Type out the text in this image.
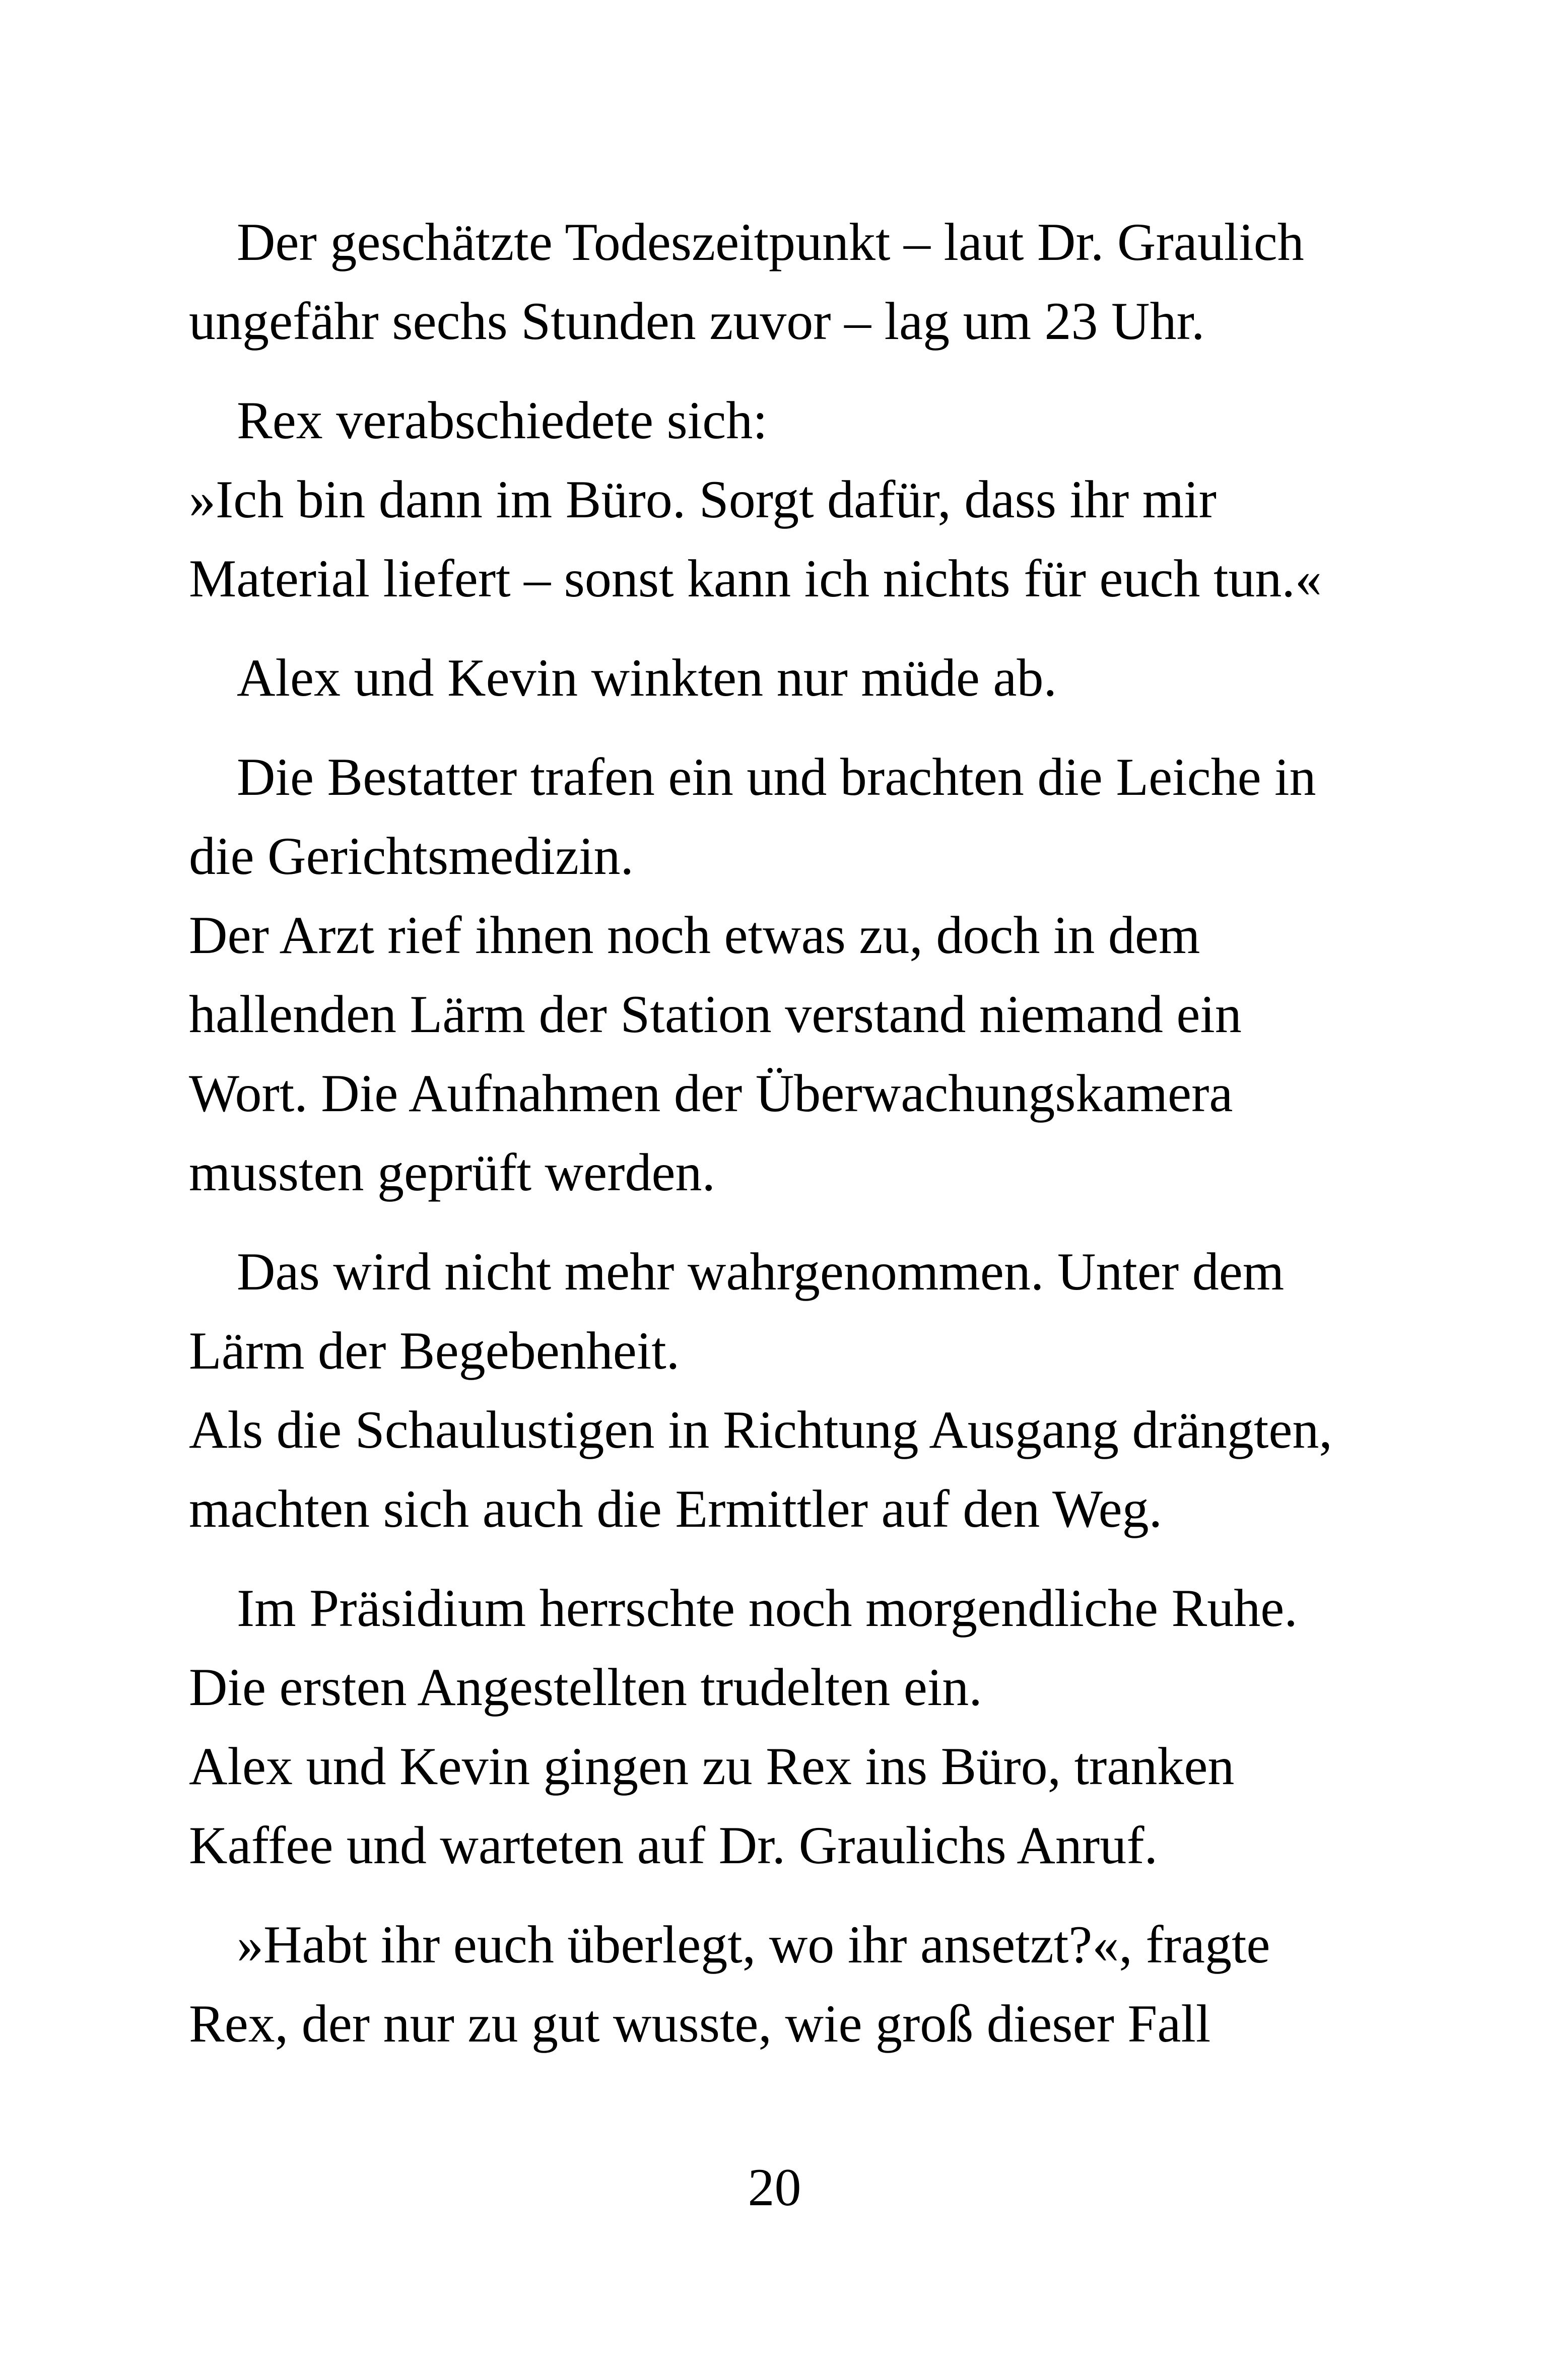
Der geschätzte Todeszeitpunkt – laut Dr. Graulich
ungefähr sechs Stunden zuvor – lag um 23 Uhr.
Rex verabschiedete sich:
»Ich bin dann im Büro. Sorgt dafür, dass ihr mir
Material liefert – sonst kann ich nichts für euch tun.«
Alex und Kevin winkten nur müde ab.
Die Bestatter trafen ein und brachten die Leiche in
die Gerichtsmedizin.
Der Arzt rief ihnen noch etwas zu, doch in dem
hallenden Lärm der Station verstand niemand ein
Wort. Die Aufnahmen der Überwachungskamera
mussten geprüft werden.
Das wird nicht mehr wahrgenommen. Unter dem
Lärm der Begebenheit.
Als die Schaulustigen in Richtung Ausgang drängten,
machten sich auch die Ermittler auf den Weg.
Im Präsidium herrschte noch morgendliche Ruhe.
Die ersten Angestellten trudelten ein.
Alex und Kevin gingen zu Rex ins Büro, tranken
Kaffee und warteten auf Dr. Graulichs Anruf.
»Habt ihr euch überlegt, wo ihr ansetzt?«, fragte
Rex, der nur zu gut wusste, wie groß dieser Fall
20
